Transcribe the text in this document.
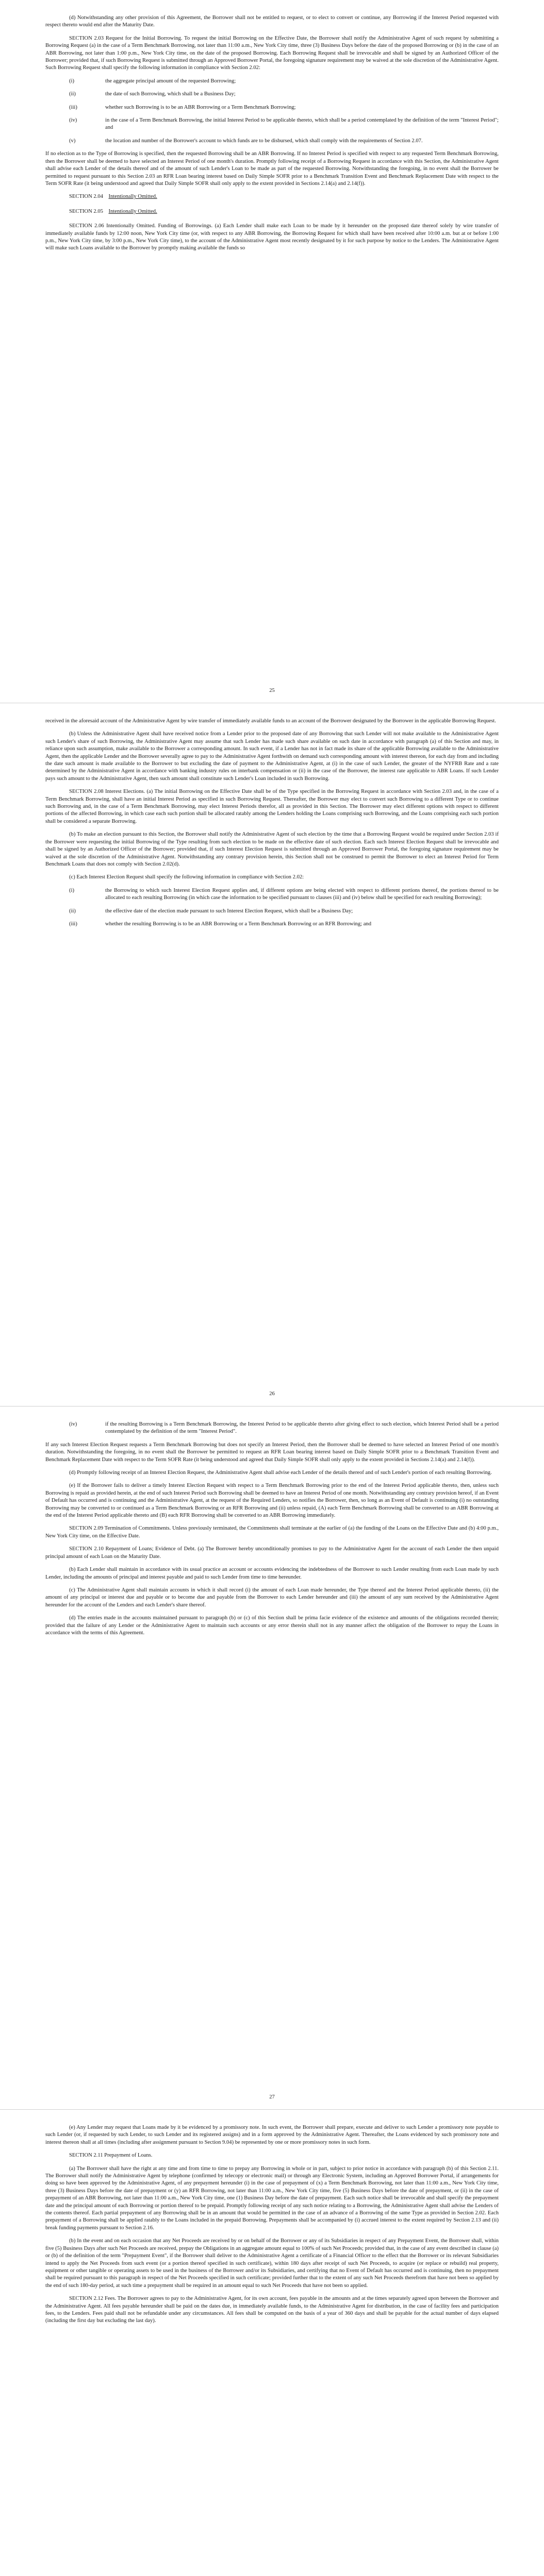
(d) Notwithstanding any other provision of this Agreement, the Borrower shall not be entitled to request, or to elect to convert or continue, any Borrowing if the Interest Period requested with respect thereto would end after the Maturity Date.

SECTION 2.03 Request for the Initial Borrowing. To request the initial Borrowing on the Effective Date, the Borrower shall notify the Administrative Agent of such request by submitting a Borrowing Request (a) in the case of a Term Benchmark Borrowing, not later than 11:00 a.m., New York City time, three (3) Business Days before the date of the proposed Borrowing or (b) in the case of an ABR Borrowing, not later than 1:00 p.m., New York City time, on the date of the proposed Borrowing. Each Borrowing Request shall be irrevocable and shall be signed by an Authorized Officer of the Borrower; provided that, if such Borrowing Request is submitted through an Approved Borrower Portal, the foregoing signature requirement may be waived at the sole discretion of the Administrative Agent. Such Borrowing Request shall specify the following information in compliance with Section 2.02:

(i)	the aggregate principal amount of the requested Borrowing;
(ii)	the date of such Borrowing, which shall be a Business Day;
(iii)	whether such Borrowing is to be an ABR Borrowing or a Term Benchmark Borrowing;
(iv)	in the case of a Term Benchmark Borrowing, the initial Interest Period to be applicable thereto, which shall be a period contemplated by the definition of the term "Interest Period"; and
(v)	the location and number of the Borrower's account to which funds are to be disbursed, which shall comply with the requirements of Section 2.07.

If no election as to the Type of Borrowing is specified, then the requested Borrowing shall be an ABR Borrowing. If no Interest Period is specified with respect to any requested Term Benchmark Borrowing, then the Borrower shall be deemed to have selected an Interest Period of one month's duration. Promptly following receipt of a Borrowing Request in accordance with this Section, the Administrative Agent shall advise each Lender of the details thereof and of the amount of such Lender's Loan to be made as part of the requested Borrowing. Notwithstanding the foregoing, in no event shall the Borrower be permitted to request pursuant to this Section 2.03 an RFR Loan bearing interest based on Daily Simple SOFR prior to a Benchmark Transition Event and Benchmark Replacement Date with respect to the Term SOFR Rate (it being understood and agreed that Daily Simple SOFR shall only apply to the extent provided in Sections 2.14(a) and 2.14(f)).

SECTION 2.04 Intentionally Omitted.
SECTION 2.05 Intentionally Omitted.

SECTION 2.06 Intentionally Omitted. Funding of Borrowings. (a) Each Lender shall make each Loan to be made by it hereunder on the proposed date thereof solely by wire transfer of immediately available funds by 12:00 noon, New York City time (or, with respect to any ABR Borrowing, the Borrowing Request for which shall have been received after 10:00 a.m. but at or before 1:00 p.m., New York City time, by 3:00 p.m., New York City time), to the account of the Administrative Agent most recently designated by it for such purpose by notice to the Lenders. The Administrative Agent will make such Loans available to the Borrower by promptly making available the funds so

25

received in the aforesaid account of the Administrative Agent by wire transfer of immediately available funds to an account of the Borrower designated by the Borrower in the applicable Borrowing Request.

(b) Unless the Administrative Agent shall have received notice from a Lender prior to the proposed date of any Borrowing that such Lender will not make available to the Administrative Agent such Lender's share of such Borrowing, the Administrative Agent may assume that such Lender has made such share available on such date in accordance with paragraph (a) of this Section and may, in reliance upon such assumption, make available to the Borrower a corresponding amount. In such event, if a Lender has not in fact made its share of the applicable Borrowing available to the Administrative Agent, then the applicable Lender and the Borrower severally agree to pay to the Administrative Agent forthwith on demand such corresponding amount with interest thereon, for each day from and including the date such amount is made available to the Borrower to but excluding the date of payment to the Administrative Agent, at (i) in the case of such Lender, the greater of the NYFRB Rate and a rate determined by the Administrative Agent in accordance with banking industry rules on interbank compensation or (ii) in the case of the Borrower, the interest rate applicable to ABR Loans. If such Lender pays such amount to the Administrative Agent, then such amount shall constitute such Lender's Loan included in such Borrowing.

SECTION 2.08 Interest Elections. (a) The initial Borrowing on the Effective Date shall be of the Type specified in the Borrowing Request in accordance with Section 2.03 and, in the case of a Term Benchmark Borrowing, shall have an initial Interest Period as specified in such Borrowing Request. Thereafter, the Borrower may elect to convert such Borrowing to a different Type or to continue such Borrowing and, in the case of a Term Benchmark Borrowing, may elect Interest Periods therefor, all as provided in this Section. The Borrower may elect different options with respect to different portions of the affected Borrowing, in which case each such portion shall be allocated ratably among the Lenders holding the Loans comprising such Borrowing, and the Loans comprising each such portion shall be considered a separate Borrowing.

(b) To make an election pursuant to this Section, the Borrower shall notify the Administrative Agent of such election by the time that a Borrowing Request would be required under Section 2.03 if the Borrower were requesting the initial Borrowing of the Type resulting from such election to be made on the effective date of such election. Each such Interest Election Request shall be irrevocable and shall be signed by an Authorized Officer of the Borrower; provided that, if such Interest Election Request is submitted through an Approved Borrower Portal, the foregoing signature requirement may be waived at the sole discretion of the Administrative Agent. Notwithstanding any contrary provision herein, this Section shall not be construed to permit the Borrower to elect an Interest Period for Term Benchmark Loans that does not comply with Section 2.02(d).

(c) Each Interest Election Request shall specify the following information in compliance with Section 2.02:

(i)	the Borrowing to which such Interest Election Request applies and, if different options are being elected with respect to different portions thereof, the portions thereof to be allocated to each resulting Borrowing (in which case the information to be specified pursuant to clauses (iii) and (iv) below shall be specified for each resulting Borrowing);
(ii)	the effective date of the election made pursuant to such Interest Election Request, which shall be a Business Day;
(iii)	whether the resulting Borrowing is to be an ABR Borrowing or a Term Benchmark Borrowing or an RFR Borrowing; and
26
(iv)	if the resulting Borrowing is a Term Benchmark Borrowing, the Interest Period to be applicable thereto after giving effect to such election, which Interest Period shall be a period contemplated by the definition of the term "Interest Period".

If any such Interest Election Request requests a Term Benchmark Borrowing but does not specify an Interest Period, then the Borrower shall be deemed to have selected an Interest Period of one month's duration. Notwithstanding the foregoing, in no event shall the Borrower be permitted to request an RFR Loan bearing interest based on Daily Simple SOFR prior to a Benchmark Transition Event and Benchmark Replacement Date with respect to the Term SOFR Rate (it being understood and agreed that Daily Simple SOFR shall only apply to the extent provided in Sections 2.14(a) and 2.14(f)).

(d) Promptly following receipt of an Interest Election Request, the Administrative Agent shall advise each Lender of the details thereof and of such Lender's portion of each resulting Borrowing.

(e) If the Borrower fails to deliver a timely Interest Election Request with respect to a Term Benchmark Borrowing prior to the end of the Interest Period applicable thereto, then, unless such Borrowing is repaid as provided herein, at the end of such Interest Period such Borrowing shall be deemed to have an Interest Period of one month. Notwithstanding any contrary provision hereof, if an Event of Default has occurred and is continuing and the Administrative Agent, at the request of the Required Lenders, so notifies the Borrower, then, so long as an Event of Default is continuing (i) no outstanding Borrowing may be converted to or continued as a Term Benchmark Borrowing or an RFR Borrowing and (ii) unless repaid, (A) each Term Benchmark Borrowing shall be converted to an ABR Borrowing at the end of the Interest Period applicable thereto and (B) each RFR Borrowing shall be converted to an ABR Borrowing immediately.

SECTION 2.09 Termination of Commitments. Unless previously terminated, the Commitments shall terminate at the earlier of (a) the funding of the Loans on the Effective Date and (b) 4:00 p.m., New York City time, on the Effective Date.

SECTION 2.10 Repayment of Loans; Evidence of Debt. (a) The Borrower hereby unconditionally promises to pay to the Administrative Agent for the account of each Lender the then unpaid principal amount of each Loan on the Maturity Date.

(b) Each Lender shall maintain in accordance with its usual practice an account or accounts evidencing the indebtedness of the Borrower to such Lender resulting from each Loan made by such Lender, including the amounts of principal and interest payable and paid to such Lender from time to time hereunder.

(c) The Administrative Agent shall maintain accounts in which it shall record (i) the amount of each Loan made hereunder, the Type thereof and the Interest Period applicable thereto, (ii) the amount of any principal or interest due and payable or to become due and payable from the Borrower to each Lender hereunder and (iii) the amount of any sum received by the Administrative Agent hereunder for the account of the Lenders and each Lender's share thereof.

(d) The entries made in the accounts maintained pursuant to paragraph (b) or (c) of this Section shall be prima facie evidence of the existence and amounts of the obligations recorded therein; provided that the failure of any Lender or the Administrative Agent to maintain such accounts or any error therein shall not in any manner affect the obligation of the Borrower to repay the Loans in accordance with the terms of this Agreement.

27

(e) Any Lender may request that Loans made by it be evidenced by a promissory note. In such event, the Borrower shall prepare, execute and deliver to such Lender a promissory note payable to such Lender (or, if requested by such Lender, to such Lender and its registered assigns) and in a form approved by the Administrative Agent. Thereafter, the Loans evidenced by such promissory note and interest thereon shall at all times (including after assignment pursuant to Section 9.04) be represented by one or more promissory notes in such form.

SECTION 2.11 Prepayment of Loans.

(a) The Borrower shall have the right at any time and from time to time to prepay any Borrowing in whole or in part, subject to prior notice in accordance with paragraph (b) of this Section 2.11. The Borrower shall notify the Administrative Agent by telephone (confirmed by telecopy or electronic mail) or through any Electronic System, including an Approved Borrower Portal, if arrangements for doing so have been approved by the Administrative Agent, of any prepayment hereunder (i) in the case of prepayment of (x) a Term Benchmark Borrowing, not later than 11:00 a.m., New York City time, three (3) Business Days before the date of prepayment or (y) an RFR Borrowing, not later than 11:00 a.m., New York City time, five (5) Business Days before the date of prepayment, or (ii) in the case of prepayment of an ABR Borrowing, not later than 11:00 a.m., New York City time, one (1) Business Day before the date of prepayment. Each such notice shall be irrevocable and shall specify the prepayment date and the principal amount of each Borrowing or portion thereof to be prepaid. Promptly following receipt of any such notice relating to a Borrowing, the Administrative Agent shall advise the Lenders of the contents thereof. Each partial prepayment of any Borrowing shall be in an amount that would be permitted in the case of an advance of a Borrowing of the same Type as provided in Section 2.02. Each prepayment of a Borrowing shall be applied ratably to the Loans included in the prepaid Borrowing. Prepayments shall be accompanied by (i) accrued interest to the extent required by Section 2.13 and (ii) break funding payments pursuant to Section 2.16.

(b) In the event and on each occasion that any Net Proceeds are received by or on behalf of the Borrower or any of its Subsidiaries in respect of any Prepayment Event, the Borrower shall, within five (5) Business Days after such Net Proceeds are received, prepay the Obligations in an aggregate amount equal to 100% of such Net Proceeds; provided that, in the case of any event described in clause (a) or (b) of the definition of the term "Prepayment Event", if the Borrower shall deliver to the Administrative Agent a certificate of a Financial Officer to the effect that the Borrower or its relevant Subsidiaries intend to apply the Net Proceeds from such event (or a portion thereof specified in such certificate), within 180 days after receipt of such Net Proceeds, to acquire (or replace or rebuild) real property, equipment or other tangible or operating assets to be used in the business of the Borrower and/or its Subsidiaries, and certifying that no Event of Default has occurred and is continuing, then no prepayment shall be required pursuant to this paragraph in respect of the Net Proceeds specified in such certificate; provided further that to the extent of any such Net Proceeds therefrom that have not been so applied by the end of such 180-day period, at such time a prepayment shall be required in an amount equal to such Net Proceeds that have not been so applied.

SECTION 2.12 Fees. The Borrower agrees to pay to the Administrative Agent, for its own account, fees payable in the amounts and at the times separately agreed upon between the Borrower and the Administrative Agent. All fees payable hereunder shall be paid on the dates due, in immediately available funds, to the Administrative Agent for distribution, in the case of facility fees and participation fees, to the Lenders. Fees paid shall not be refundable under any circumstances. All fees shall be computed on the basis of a year of 360 days and shall be payable for the actual number of days elapsed (including the first day but excluding the last day).
